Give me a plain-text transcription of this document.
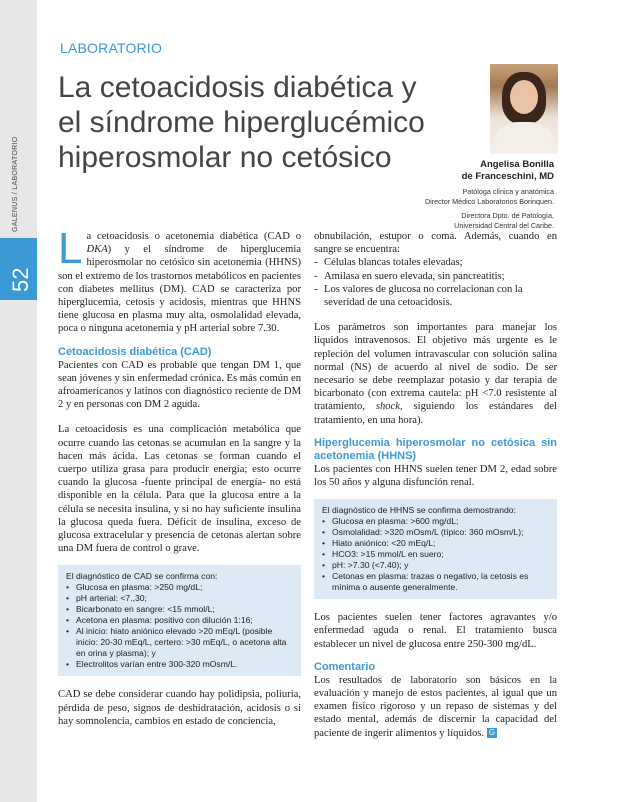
GALENUS / LABORATORIO
52
LABORATORIO
La cetoacidosis diabética y
el síndrome hiperglucémico
hiperosmolar no cetósico	Angelisa Bonilla
de Franceschini, MD
Patóloga clínica y anatómica
Director Médico Laboratorios Borinquen.
Directora Dpto. de Patología,
Universidad Central del Caribe.

La cetoacidosis o acetonemia diabética (CAD o DKA) y el síndrome de hiperglucemia hiperosmolar no cetósico sin acetonemia (HHNS) son el extremo de los trastornos metabólicos en pacientes con diabetes mellitus (DM). CAD se caracteriza por hiperglucemia, cetosis y acidosis, mientras que HHNS tiene glucosa en plasma muy alta, osmolalidad elevada, poca o ninguna acetonemia y pH arterial sobre 7.30.

Cetoacidosis diabética (CAD)

Pacientes con CAD es probable que tengan DM 1, que sean jóvenes y sin enfermedad crónica. Es más común en afroamericanos y latinos con diagnóstico reciente de DM 2 y en personas con DM 2 aguda.

La cetoacidosis es una complicación metabólica que ocurre cuando las cetonas se acumulan en la sangre y la hacen más ácida. Las cetonas se forman cuando el cuerpo utiliza grasa para producir energía; esto ocurre cuando la glucosa -fuente principal de energía- no está disponible en la célula. Para que la glucosa entre a la célula se necesita insulina, y si no hay suficiente insulina la glucosa queda fuera. Déficit de insulina, exceso de glucosa extracelular y presencia de cetonas alertan sobre una DM fuera de control o grave.

El diagnóstico de CAD se confirma con:
• Glucosa en plasma: >250 mg/dL;
• pH arterial: <7.,30;
• Bicarbonato en sangre: <15 mmol/L;
• Acetona en plasma: positivo con dilución 1:16;
• Al inicio: hiato aniónico elevado >20 mEq/L (posible inicio: 20-30 mEq/L, certero: >30 mEq/L, o acetona alta en orina y plasma); y
• Electrolitos varían entre 300-320 mOsm/L.

CAD se debe considerar cuando hay polidipsia, poliuria, pérdida de peso, signos de deshidratación, acidosis o si hay somnolencia, cambios en estado de conciencia,

obnubilación, estupor o coma. Además, cuando en sangre se encuentra:

- Células blancas totales elevadas;
- Amilasa en suero elevada, sin pancreatitis;
- Los valores de glucosa no correlacionan con la severidad de una cetoacidosis.

Los parámetros son importantes para manejar los líquidos intravenosos. El objetivo más urgente es le repleción del volumen intravascular con solución salina normal (NS) de acuerdo al nivel de sodio. De ser necesario se debe reemplazar potasio y dar terapia de bicarbonato (con extrema cautela: pH <7.0 resistente al tratamiento, shock, siguiendo los estándares del tratamiento, en una hora).

Hiperglucemia hiperosmolar no cetósica sin acetonemia (HHNS)

Los pacientes con HHNS suelen tener DM 2, edad sobre los 50 años y alguna disfunción renal.

El diagnóstico de HHNS se confirma demostrando:
• Glucosa en plasma: >600 mg/dL;
• Osmolalidad: >320 mOsm/L (típico: 360 mOsm/L);
• Hiato aniónico: <20 mEq/L;
• HCO3: >15 mmol/L en suero;
• pH: >7.30 (<7.40); y
• Cetonas en plasma: trazas o negativo, la cetosis es mínima o ausente generalmente.

Los pacientes suelen tener factores agravantes y/o enfermedad aguda o renal. El tratamiento busca establecer un nivel de glucosa entre 250-300 mg/dL.

Comentario

Los resultados de laboratorio son básicos en la evaluación y manejo de estos pacientes, al igual que un examen físico rigoroso y un repaso de sistemas y del estado mental, además de discernir la capacidad del paciente de ingerir alimentos y líquidos. G
